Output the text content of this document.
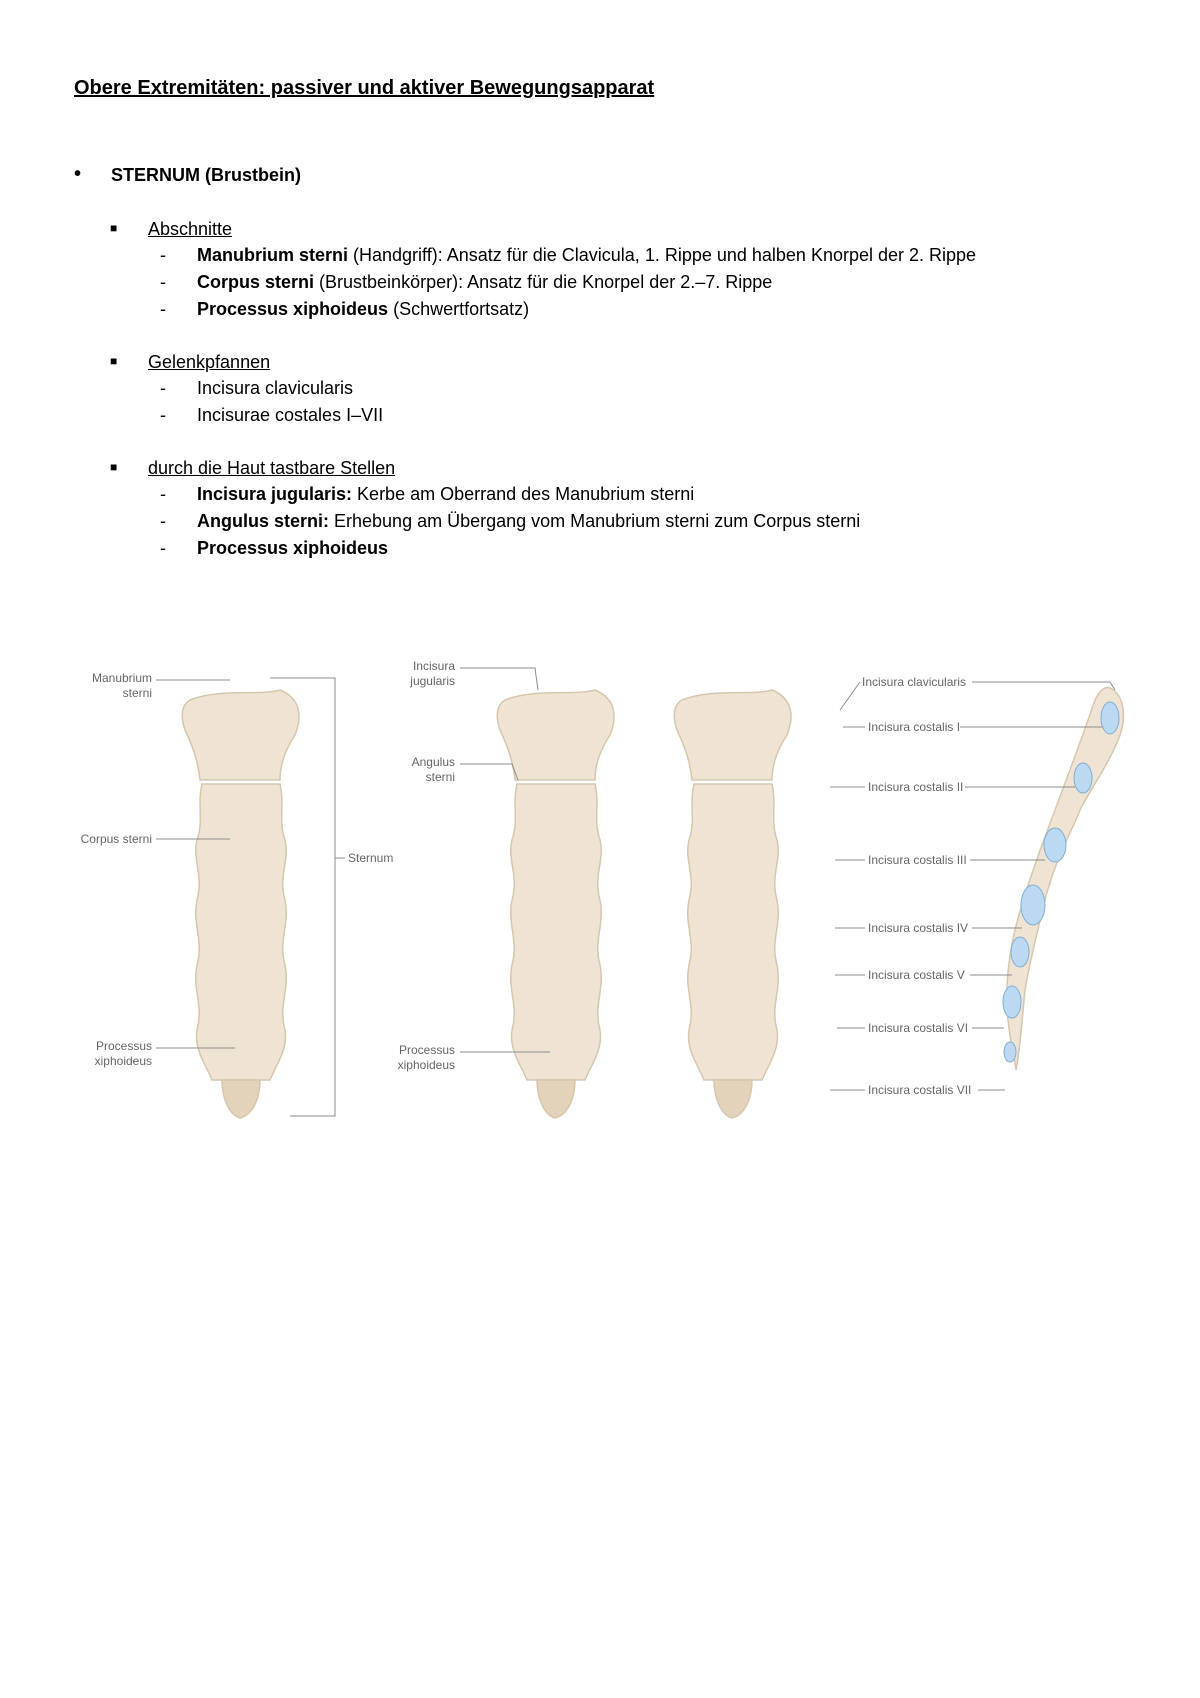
Obere Extremitäten: passiver und aktiver Bewegungsapparat
• STERNUM (Brustbein)
■ Abschnitte
- Manubrium sterni (Handgriff): Ansatz für die Clavicula, 1. Rippe und halben Knorpel der 2. Rippe
- Corpus sterni (Brustbeinkörper): Ansatz für die Knorpel der 2.–7. Rippe
- Processus xiphoideus (Schwertfortsatz)
■ Gelenkpfannen
- Incisura clavicularis
- Incisurae costales I–VII
■ durch die Haut tastbare Stellen
- Incisura jugularis: Kerbe am Oberrand des Manubrium sterni
- Angulus sterni: Erhebung am Übergang vom Manubrium sterni zum Corpus sterni
- Processus xiphoideus
Manubrium sterni
Corpus sterni
Processus xiphoideus
Sternum
Incisura jugularis
Angulus sterni
Processus xiphoideus
Incisura clavicularis
Incisura costalis I
Incisura costalis II
Incisura costalis III
Incisura costalis IV
Incisura costalis V
Incisura costalis VI
Incisura costalis VII
